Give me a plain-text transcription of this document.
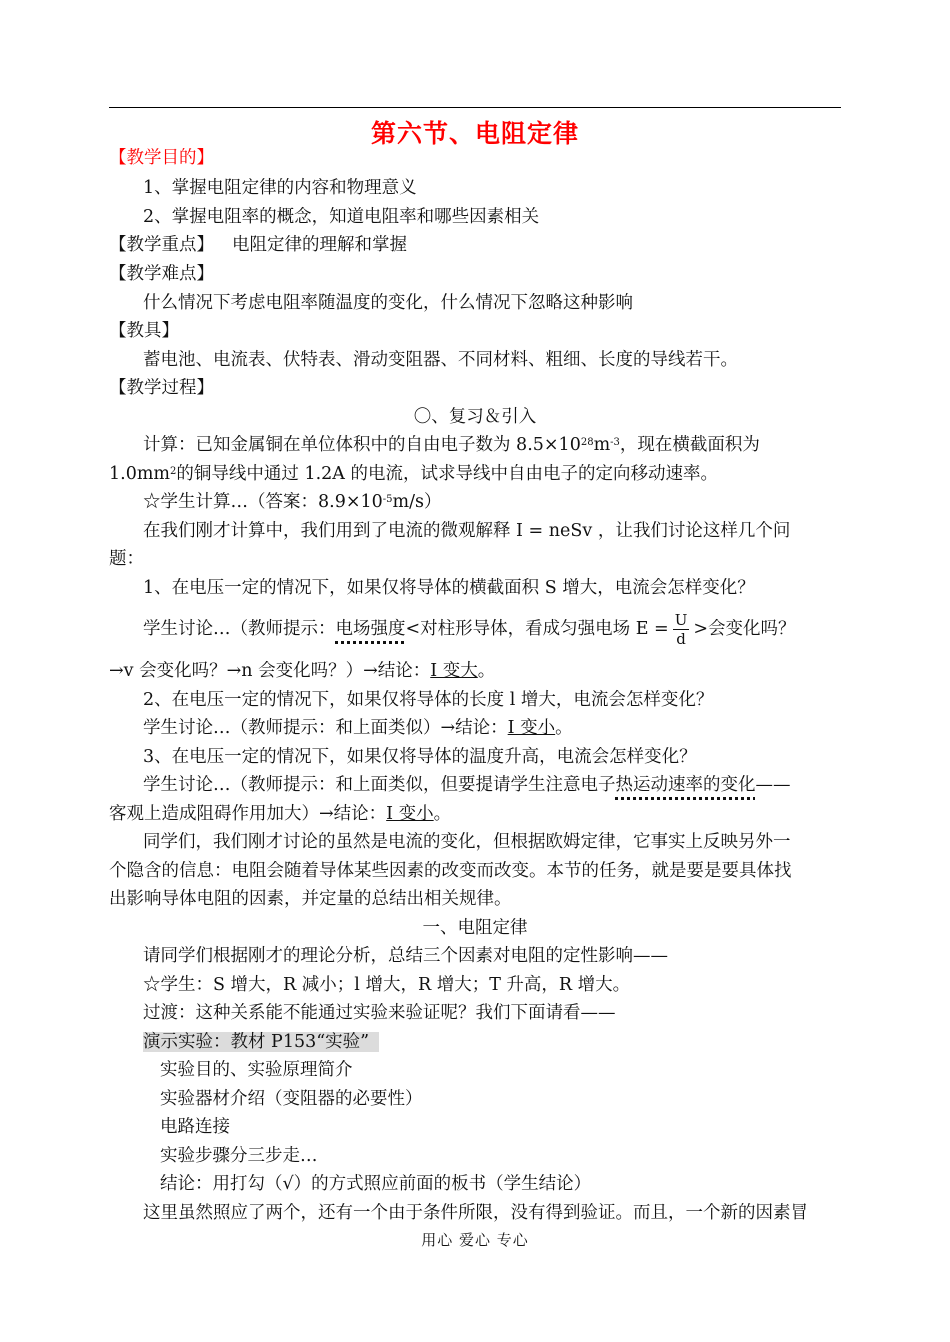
第六节、电阻定律
【教学目的】
1、掌握电阻定律的内容和物理意义
2、掌握电阻率的概念，知道电阻率和哪些因素相关
【教学重点】 电阻定律的理解和掌握
【教学难点】
什么情况下考虑电阻率随温度的变化，什么情况下忽略这种影响
【教具】
蓄电池、电流表、伏特表、滑动变阻器、不同材料、粗细、长度的导线若干。
【教学过程】
〇、复习＆引入
计算：已知金属铜在单位体积中的自由电子数为 $8.5\times 10^{28}m^{-3}$，现在横截面积为
$1.0mm^2$的铜导线中通过 1.2A 的电流，试求导线中自由电子的定向移动速率。
☆学生计算…（答案：$8.9\times 10^{-5}m/s$）
在我们刚才计算中，我们用到了电流的微观解释 I = neSv ，让我们讨论这样几个问
题：
1、在电压一定的情况下，如果仅将导体的横截面积 S 增大，电流会怎样变化？
学生讨论…（教师提示：电场强度<对柱形导体，看成匀强电场 $E = \frac{U}{d}$ >会变化吗？
→v 会变化吗？→n 会变化吗？）→结论：I 变大。
2、在电压一定的情况下，如果仅将导体的长度 l 增大，电流会怎样变化？
学生讨论…（教师提示：和上面类似）→结论：I 变小。
3、在电压一定的情况下，如果仅将导体的温度升高，电流会怎样变化？
学生讨论…（教师提示：和上面类似，但要提请学生注意电子热运动速率的变化——
客观上造成阻碍作用加大）→结论：I 变小。
同学们，我们刚才讨论的虽然是电流的变化，但根据欧姆定律，它事实上反映另外一
个隐含的信息：电阻会随着导体某些因素的改变而改变。本节的任务，就是要是要具体找
出影响导体电阻的因素，并定量的总结出相关规律。
一、电阻定律
请同学们根据刚才的理论分析，总结三个因素对电阻的定性影响——
☆学生：S 增大，R 减小；l 增大，R 增大；T 升高，R 增大。
过渡：这种关系能不能通过实验来验证呢？我们下面请看——
演示实验：教材 P153“实验”
实验目的、实验原理简介
实验器材介绍（变阻器的必要性）
电路连接
实验步骤分三步走…
结论：用打勾（√）的方式照应前面的板书（学生结论）
这里虽然照应了两个，还有一个由于条件所限，没有得到验证。而且，一个新的因素冒
用心 爱心 专心
